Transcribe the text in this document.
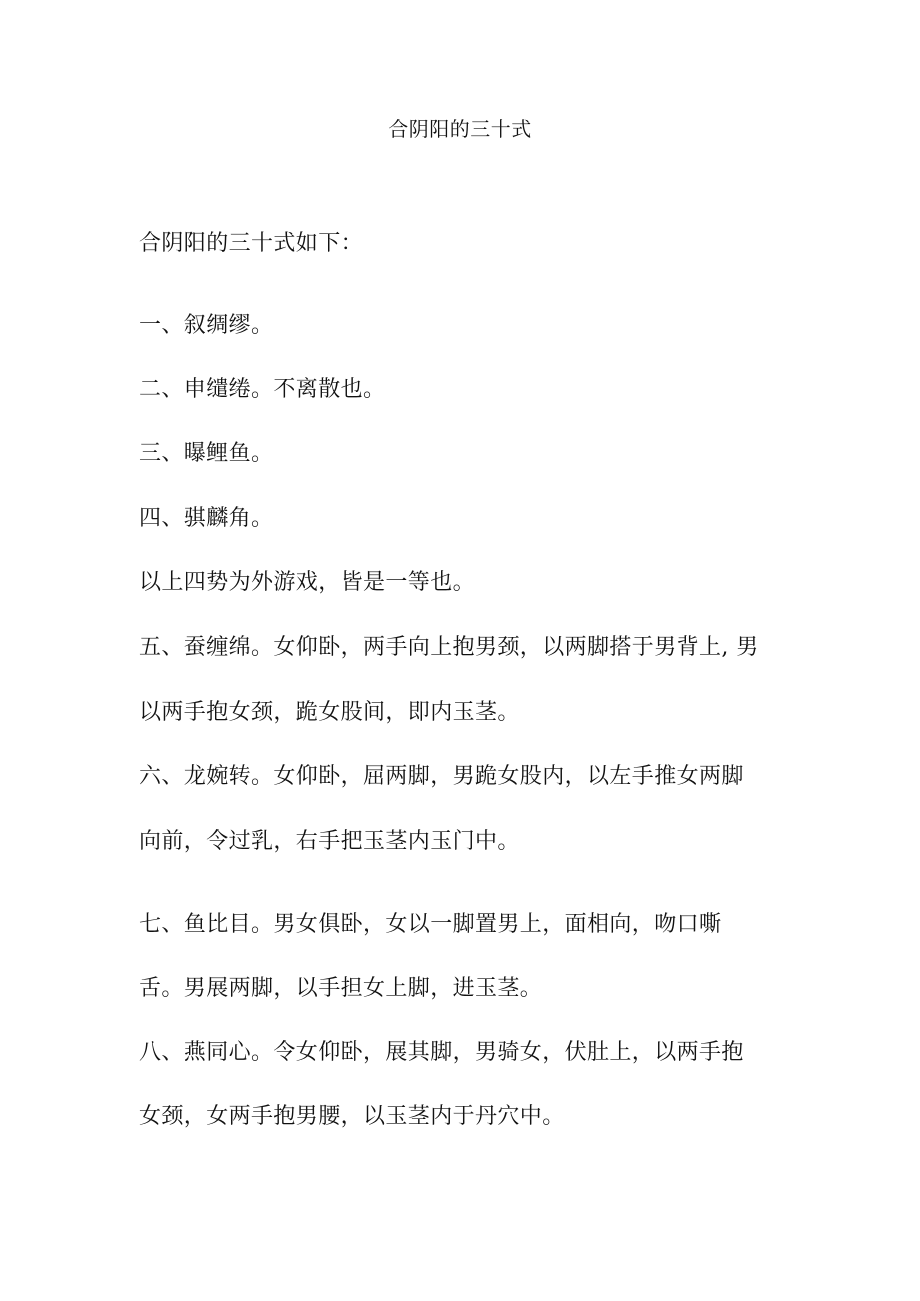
合阴阳的三十式
合阴阳的三十式如下：
一、叙绸缪。
二、申缱绻。不离散也。
三、曝鲤鱼。
四、骐麟角。
以上四势为外游戏，皆是一等也。
五、蚕缠绵。女仰卧，两手向上抱男颈，以两脚搭于男背上, 男
以两手抱女颈，跪女股间，即内玉茎。
六、龙婉转。女仰卧，屈两脚，男跪女股内，以左手推女两脚
向前，令过乳，右手把玉茎内玉门中。
七、鱼比目。男女俱卧，女以一脚置男上，面相向，吻口嘶
舌。男展两脚，以手担女上脚，进玉茎。
八、燕同心。令女仰卧，展其脚，男骑女，伏肚上，以两手抱
女颈，女两手抱男腰，以玉茎内于丹穴中。
